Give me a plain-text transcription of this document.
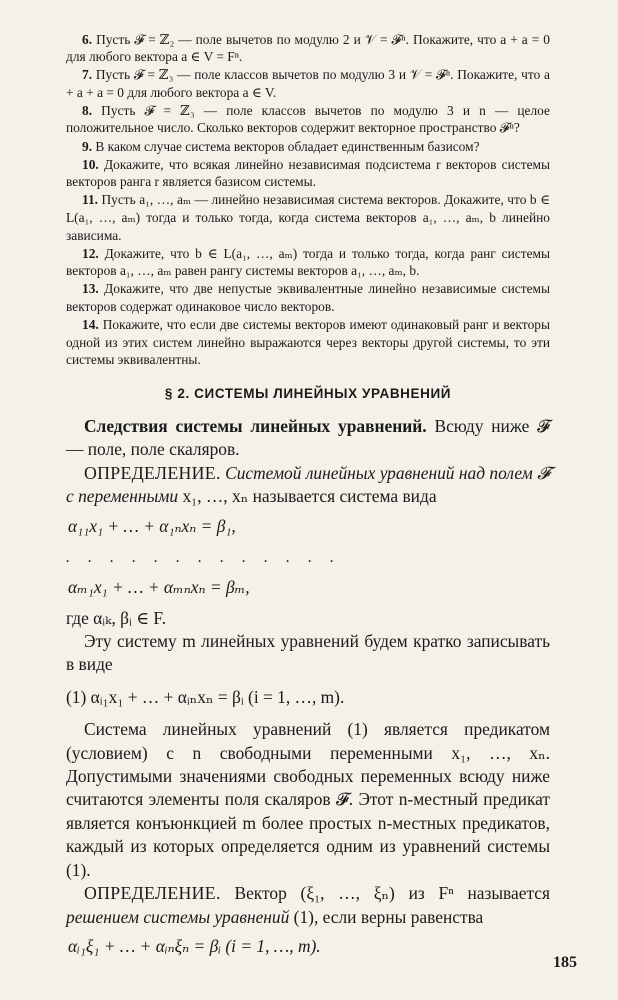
6. Пусть 𝓕 = ℤ₂ — поле вычетов по модулю 2 и 𝒱 = 𝓕ⁿ. Покажите, что a + a = 0 для любого вектора a ∈ V = Fⁿ.

7. Пусть 𝓕 = ℤ₃ — поле классов вычетов по модулю 3 и 𝒱 = 𝓕ⁿ. Покажите, что a + a + a = 0 для любого вектора a ∈ V.

8. Пусть 𝓕 = ℤ₃ — поле классов вычетов по модулю 3 и n — целое положительное число. Сколько векторов содержит векторное пространство 𝓕ⁿ?

9. В каком случае система векторов обладает единственным базисом?

10. Докажите, что всякая линейно независимая подсистема r векторов системы векторов ранга r является базисом системы.

11. Пусть a₁, …, aₘ — линейно независимая система векторов. Докажите, что b ∈ L(a₁, …, aₘ) тогда и только тогда, когда система векторов a₁, …, aₘ, b линейно зависима.

12. Докажите, что b ∈ L(a₁, …, aₘ) тогда и только тогда, когда ранг системы векторов a₁, …, aₘ равен рангу системы векторов a₁, …, aₘ, b.

13. Докажите, что две непустые эквивалентные линейно независимые системы векторов содержат одинаковое число векторов.

14. Покажите, что если две системы векторов имеют одинаковый ранг и векторы одной из этих систем линейно выражаются через векторы другой системы, то эти системы эквивалентны.

§ 2. СИСТЕМЫ ЛИНЕЙНЫХ УРАВНЕНИЙ

Следствия системы линейных уравнений. Всюду ниже 𝓕 — поле, поле скаляров.

ОПРЕДЕЛЕНИЕ. Системой линейных уравнений над полем 𝓕 с переменными x₁, …, xₙ называется система вида

α₁₁x₁ + … + α₁ₙxₙ = β₁,
. . . . . . . . . . . . .
αₘ₁x₁ + … + αₘₙxₙ = βₘ,

где αᵢₖ, βᵢ ∈ F.

Эту систему m линейных уравнений будем кратко записывать в виде

(1) αᵢ₁x₁ + … + αᵢₙxₙ = βᵢ (i = 1, …, m).

Система линейных уравнений (1) является предикатом (условием) с n свободными переменными x₁, …, xₙ. Допустимыми значениями свободных переменных всюду ниже считаются элементы поля скаляров 𝓕. Этот n-местный предикат является конъюнкцией m более простых n-местных предикатов, каждый из которых определяется одним из уравнений системы (1).

ОПРЕДЕЛЕНИЕ. Вектор (ξ₁, …, ξₙ) из Fⁿ называется решением системы уравнений (1), если верны равенства

αᵢ₁ξ₁ + … + αᵢₙξₙ = βᵢ (i = 1, …, m).
185
